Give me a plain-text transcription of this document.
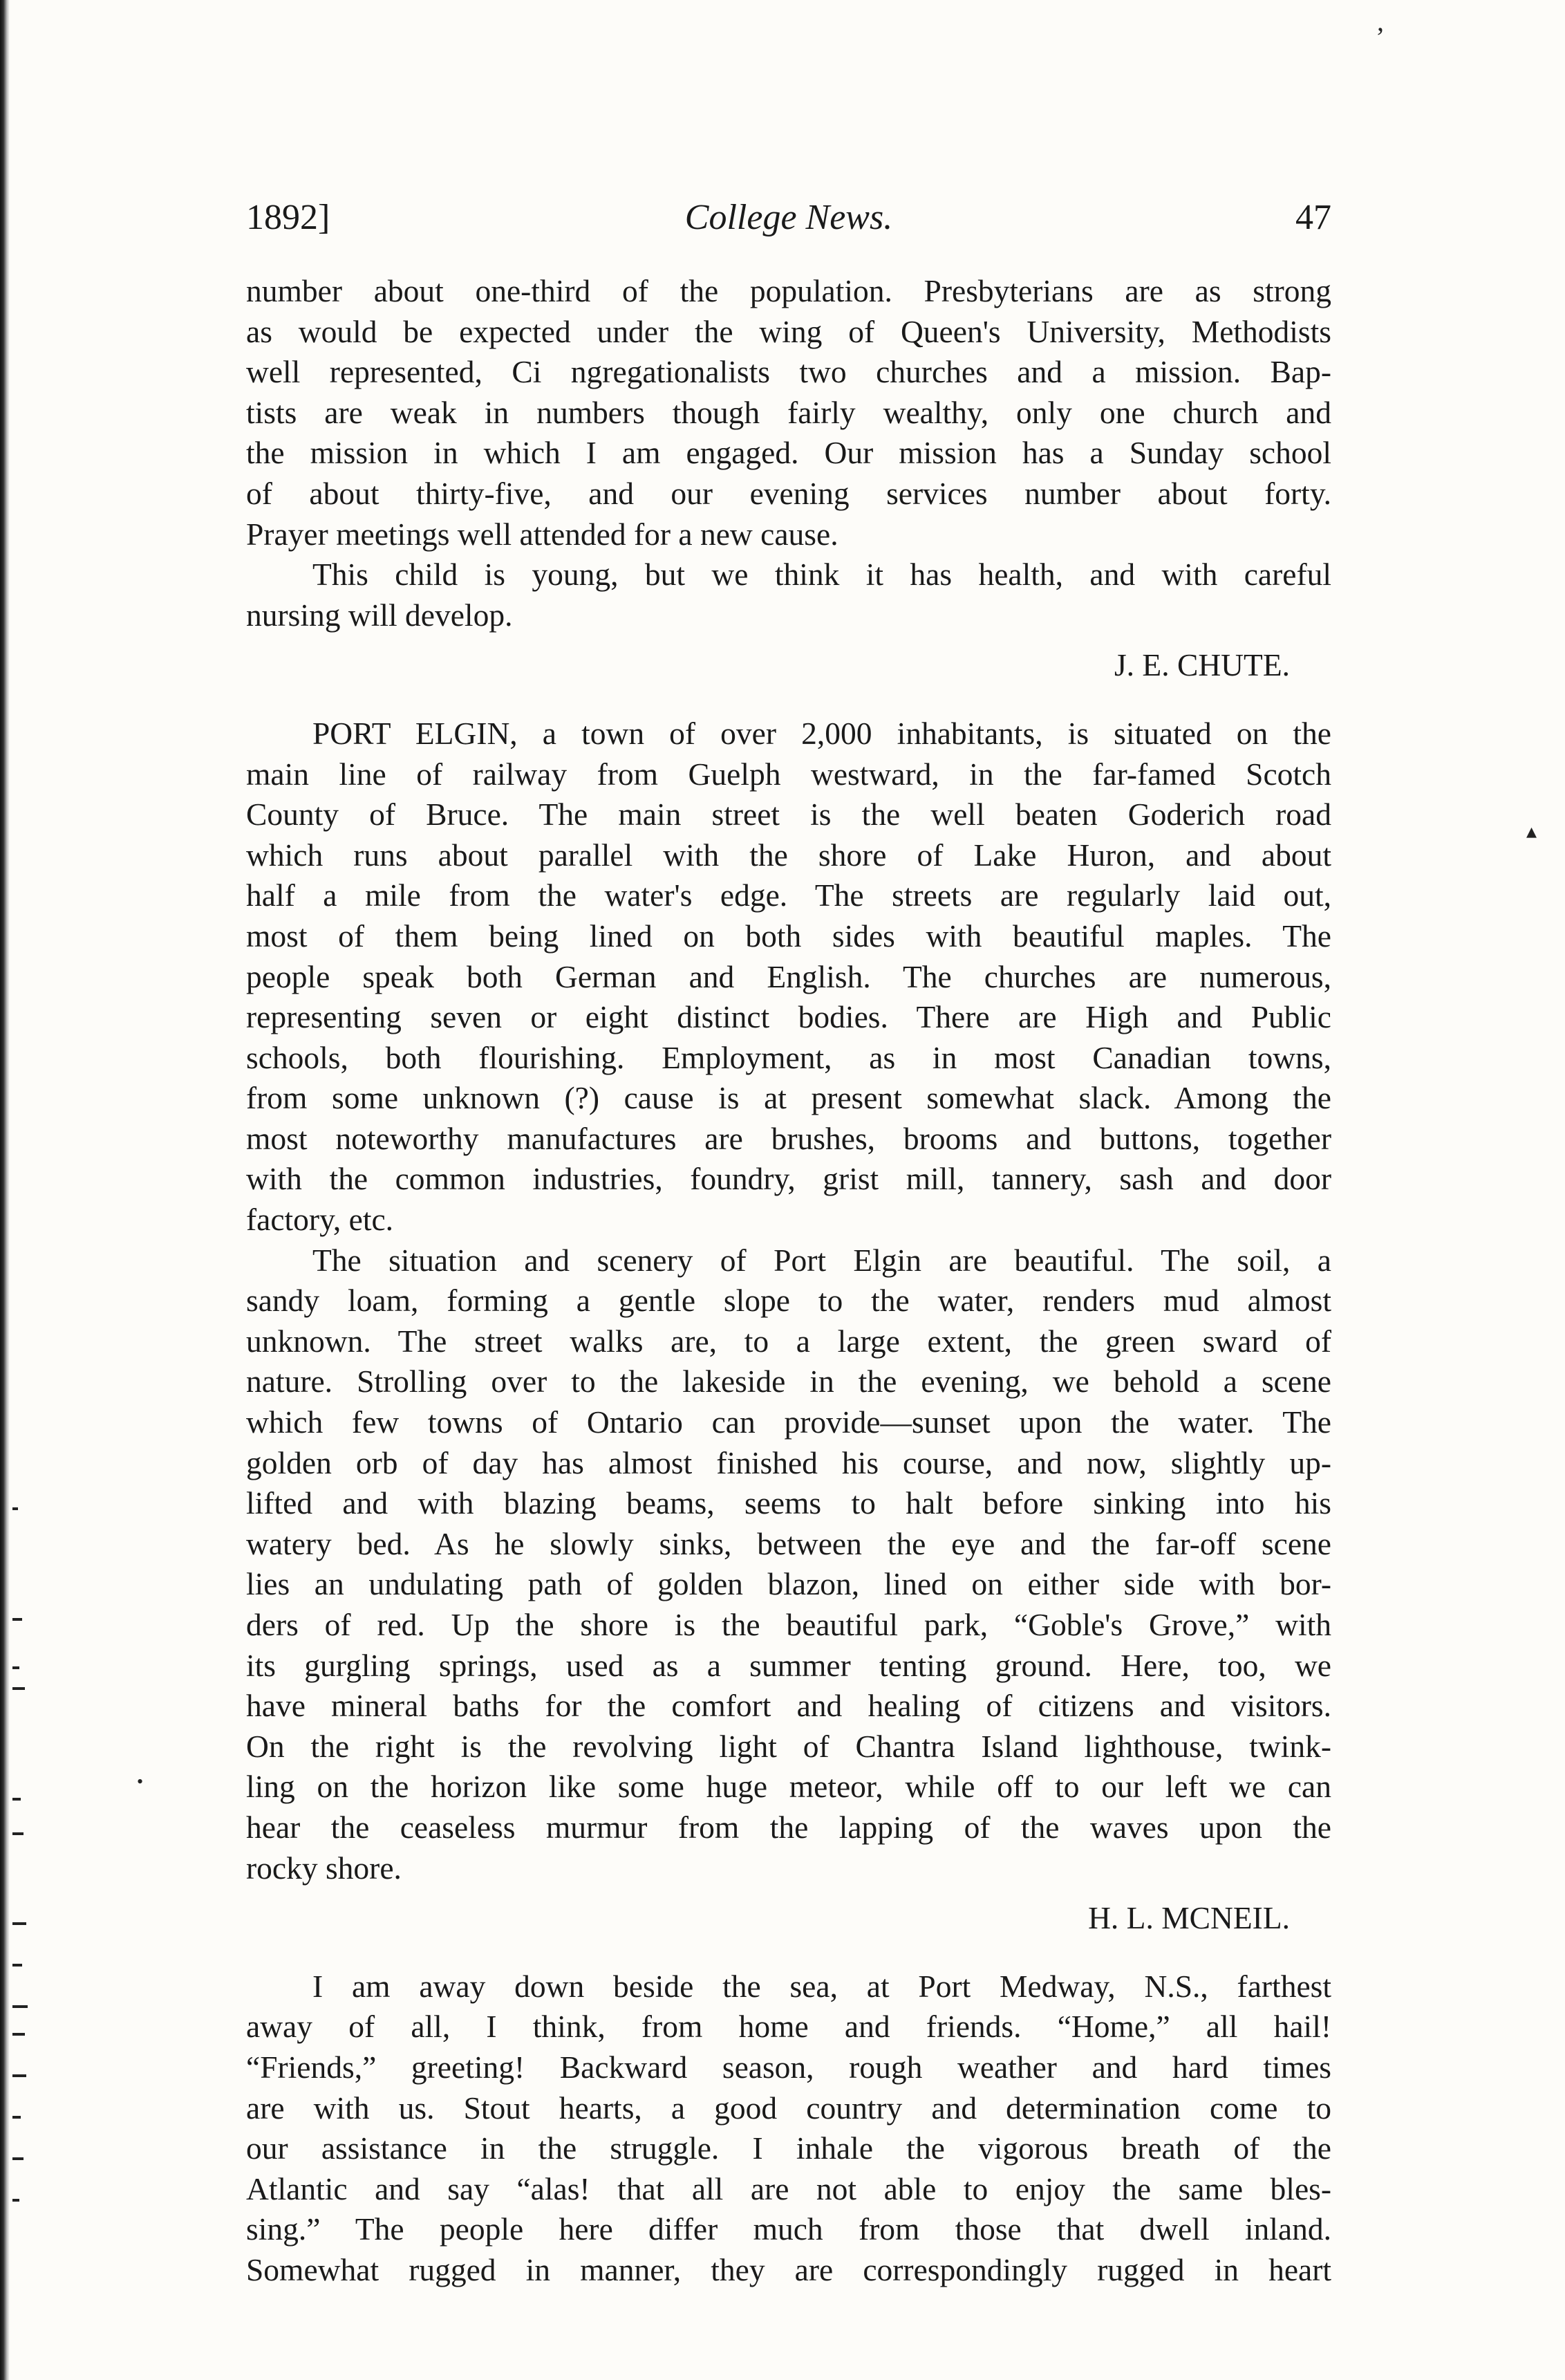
’
▴
•
1892]	College News.	47
number about one-third of the population. Presbyterians are as strong
as would be expected under the wing of Queen's University, Methodists
well represented, Ci ngregationalists two churches and a mission. Bap-
tists are weak in numbers though fairly wealthy, only one church and
the mission in which I am engaged. Our mission has a Sunday school
of about thirty-five, and our evening services number about forty.
Prayer meetings well attended for a new cause.
This child is young, but we think it has health, and with careful
nursing will develop.
J. E. CHUTE.
PORT ELGIN, a town of over 2,000 inhabitants, is situated on the
main line of railway from Guelph westward, in the far-famed Scotch
County of Bruce. The main street is the well beaten Goderich road
which runs about parallel with the shore of Lake Huron, and about
half a mile from the water's edge. The streets are regularly laid out,
most of them being lined on both sides with beautiful maples. The
people speak both German and English. The churches are numerous,
representing seven or eight distinct bodies. There are High and Public
schools, both flourishing. Employment, as in most Canadian towns,
from some unknown (?) cause is at present somewhat slack. Among the
most noteworthy manufactures are brushes, brooms and buttons, together
with the common industries, foundry, grist mill, tannery, sash and door
factory, etc.
The situation and scenery of Port Elgin are beautiful. The soil, a
sandy loam, forming a gentle slope to the water, renders mud almost
unknown. The street walks are, to a large extent, the green sward of
nature. Strolling over to the lakeside in the evening, we behold a scene
which few towns of Ontario can provide—sunset upon the water. The
golden orb of day has almost finished his course, and now, slightly up-
lifted and with blazing beams, seems to halt before sinking into his
watery bed. As he slowly sinks, between the eye and the far-off scene
lies an undulating path of golden blazon, lined on either side with bor-
ders of red. Up the shore is the beautiful park, “Goble's Grove,” with
its gurgling springs, used as a summer tenting ground. Here, too, we
have mineral baths for the comfort and healing of citizens and visitors.
On the right is the revolving light of Chantra Island lighthouse, twink-
ling on the horizon like some huge meteor, while off to our left we can
hear the ceaseless murmur from the lapping of the waves upon the
rocky shore.
H. L. MCNEIL.
I am away down beside the sea, at Port Medway, N.S., farthest
away of all, I think, from home and friends. “Home,” all hail!
“Friends,” greeting! Backward season, rough weather and hard times
are with us. Stout hearts, a good country and determination come to
our assistance in the struggle. I inhale the vigorous breath of the
Atlantic and say “alas! that all are not able to enjoy the same bles-
sing.” The people here differ much from those that dwell inland.
Somewhat rugged in manner, they are correspondingly rugged in heart
